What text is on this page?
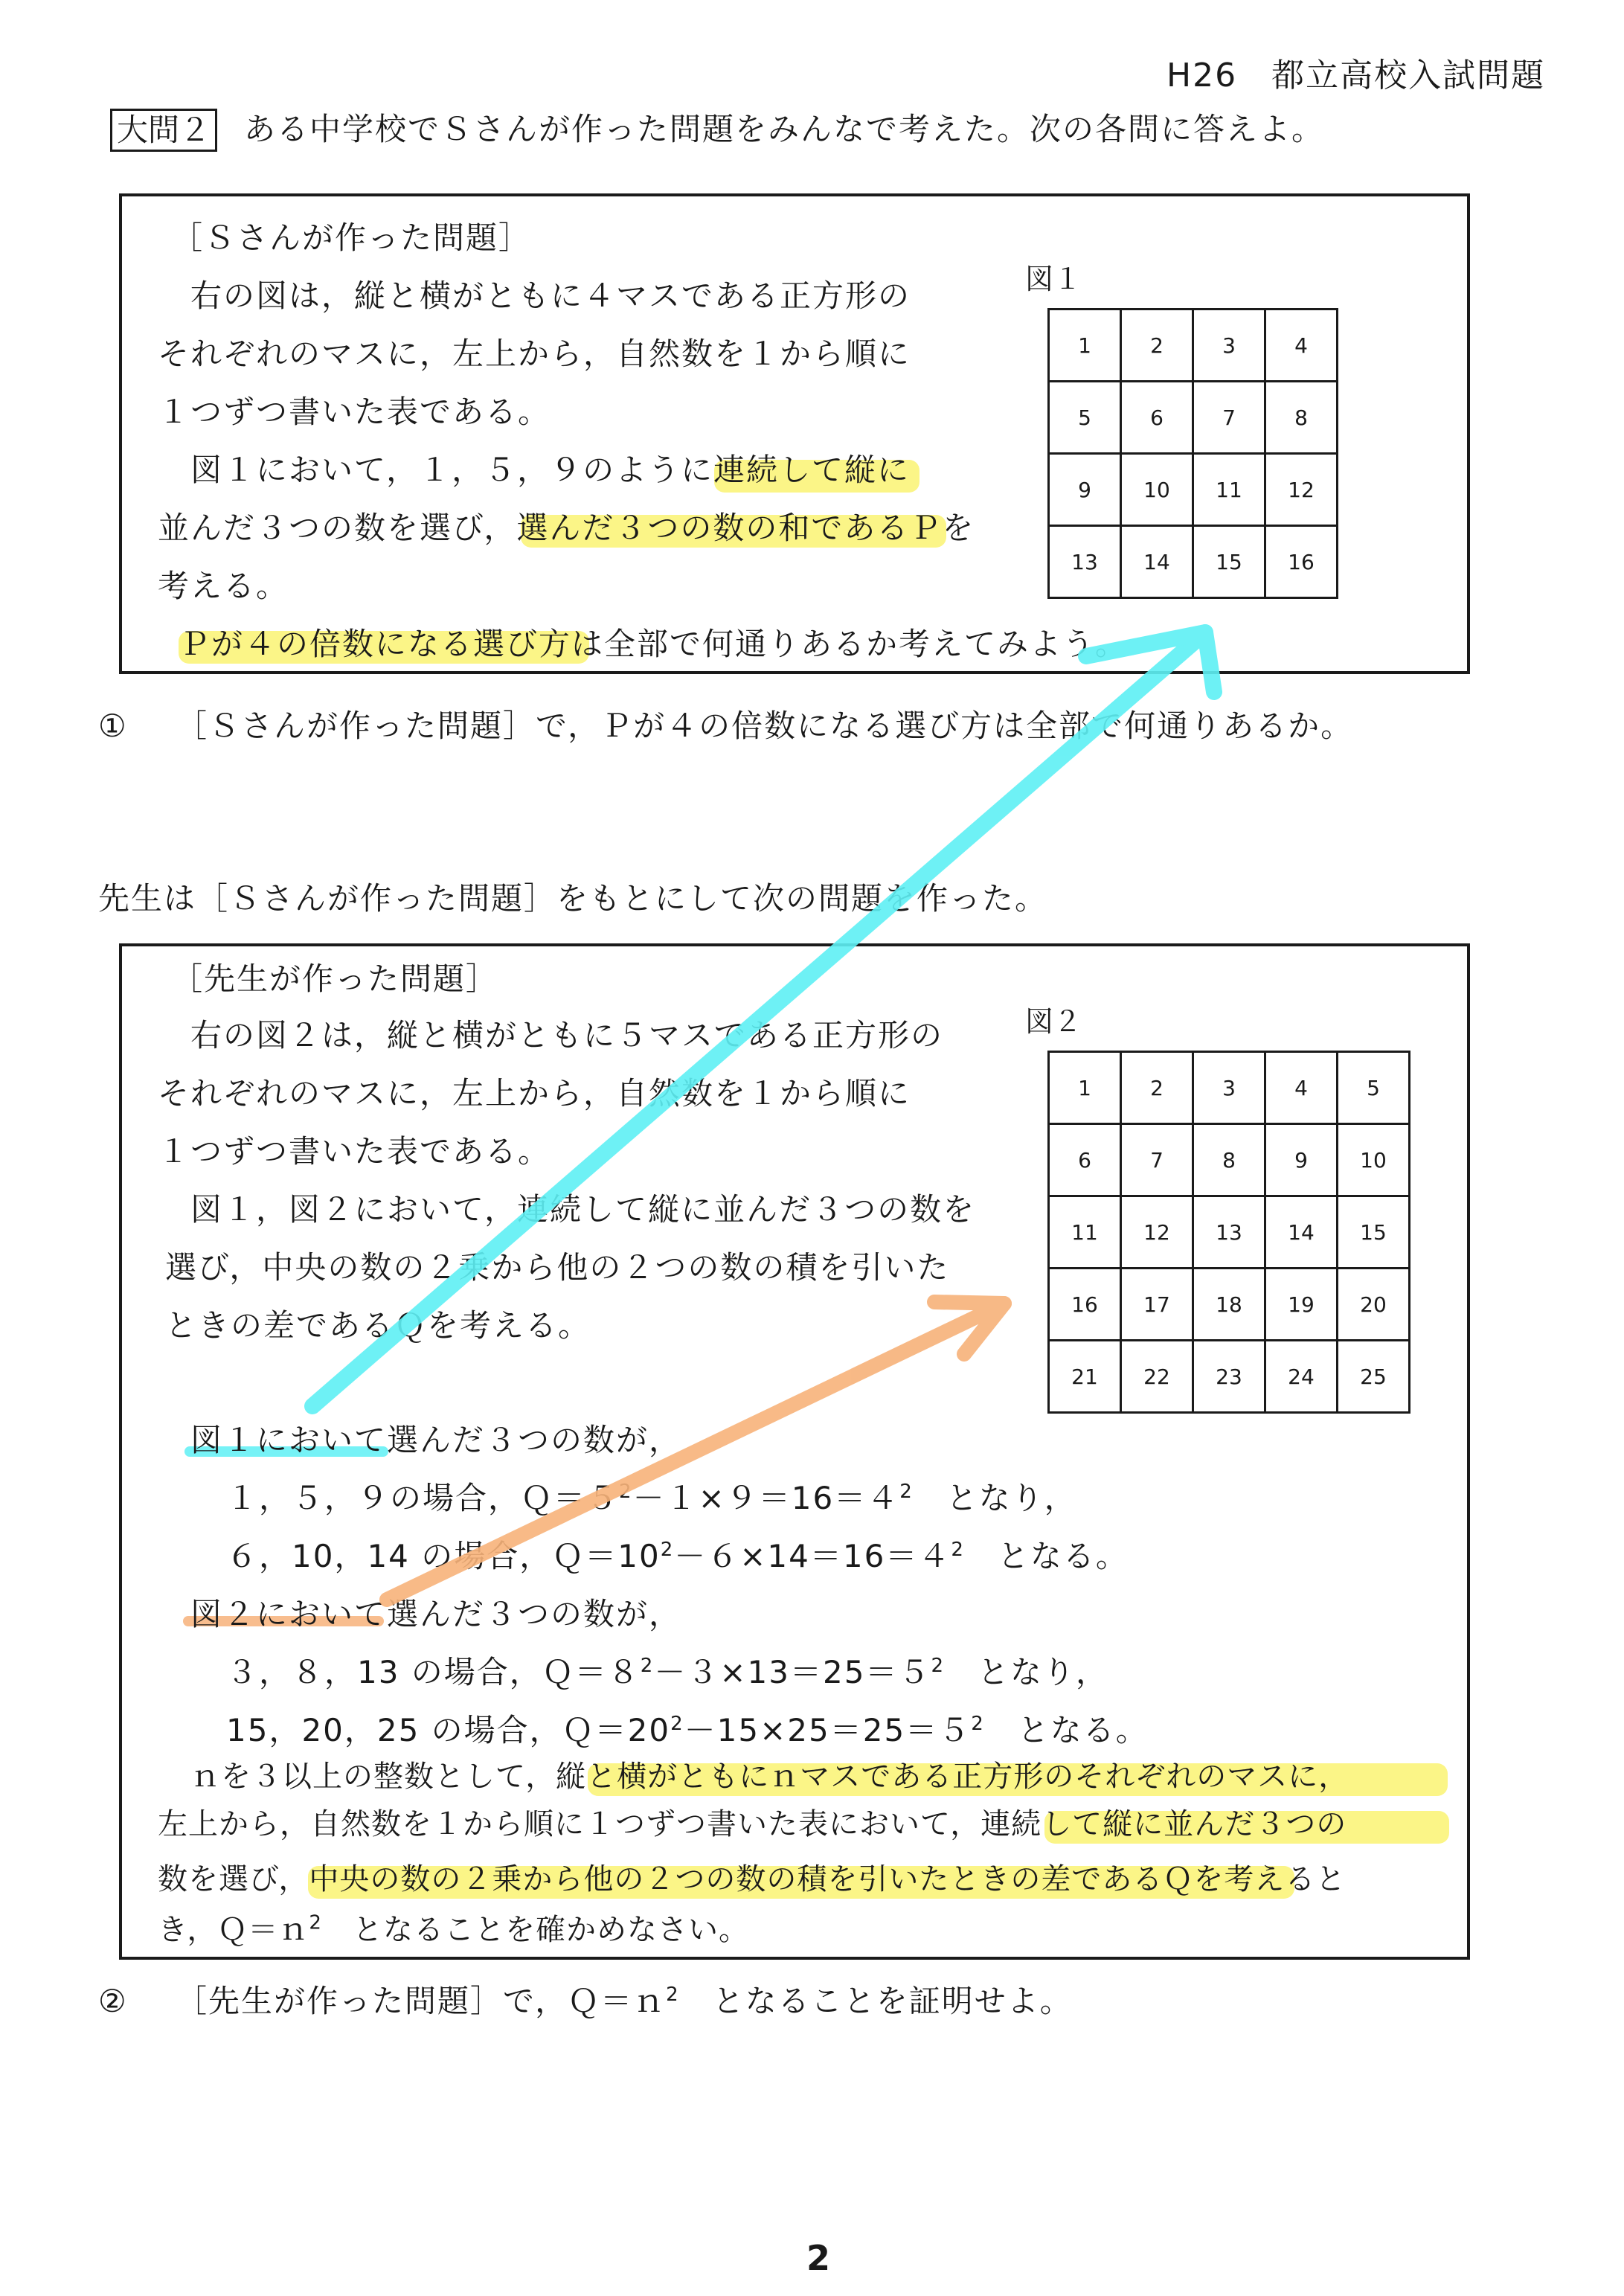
H26　都立高校入試問題
大問２ ある中学校でＳさんが作った問題をみんなで考えた。次の各問に答えよ。
［Ｓさんが作った問題］
右の図は，縦と横がともに４マスである正方形の
それぞれのマスに，左上から，自然数を１から順に
１つずつ書いた表である。
図１において，１，５，９のように連続して縦に
並んだ３つの数を選び，選んだ３つの数の和であるＰを
考える。
Ｐが４の倍数になる選び方は全部で何通りあるか考えてみよう。
図１
1	2	3	4
5	6	7	8
9	10	11	12
13	14	15	16
① ［Ｓさんが作った問題］で，Ｐが４の倍数になる選び方は全部で何通りあるか。
先生は［Ｓさんが作った問題］をもとにして次の問題を作った。
［先生が作った問題］
右の図２は，縦と横がともに５マスである正方形の
それぞれのマスに，左上から，自然数を１から順に
１つずつ書いた表である。
図１，図２において，連続して縦に並んだ３つの数を
選び，中央の数の２乗から他の２つの数の積を引いた
ときの差であるＱを考える。
図１において選んだ３つの数が，
１，５，９の場合，$Q=5^2-1\times 9=16=4^2$　 となり，
６，10，14 の場合，$Q=10^2-6\times 14=16=4^2$　 となる。
図２において選んだ３つの数が，
３，８，13 の場合，$Q=8^2-3\times 13=25=5^2$　 となり，
15，20，25 の場合，$Q=20^2-15\times 25=25=5^2$　 となる。
ｎを３以上の整数として，縦と横がともにｎマスである正方形のそれぞれのマスに，
左上から，自然数を１から順に１つずつ書いた表において，連続して縦に並んだ３つの
数を選び，中央の数の２乗から他の２つの数の積を引いたときの差であるＱを考えると
き，Ｑ＝ｎ$^2$　 となることを確かめなさい。
図２
1	2	3	4	5
6	7	8	9	10
11	12	13	14	15
16	17	18	19	20
21	22	23	24	25
② ［先生が作った問題］で，Ｑ＝ｎ$^2$　 となることを証明せよ。
2
